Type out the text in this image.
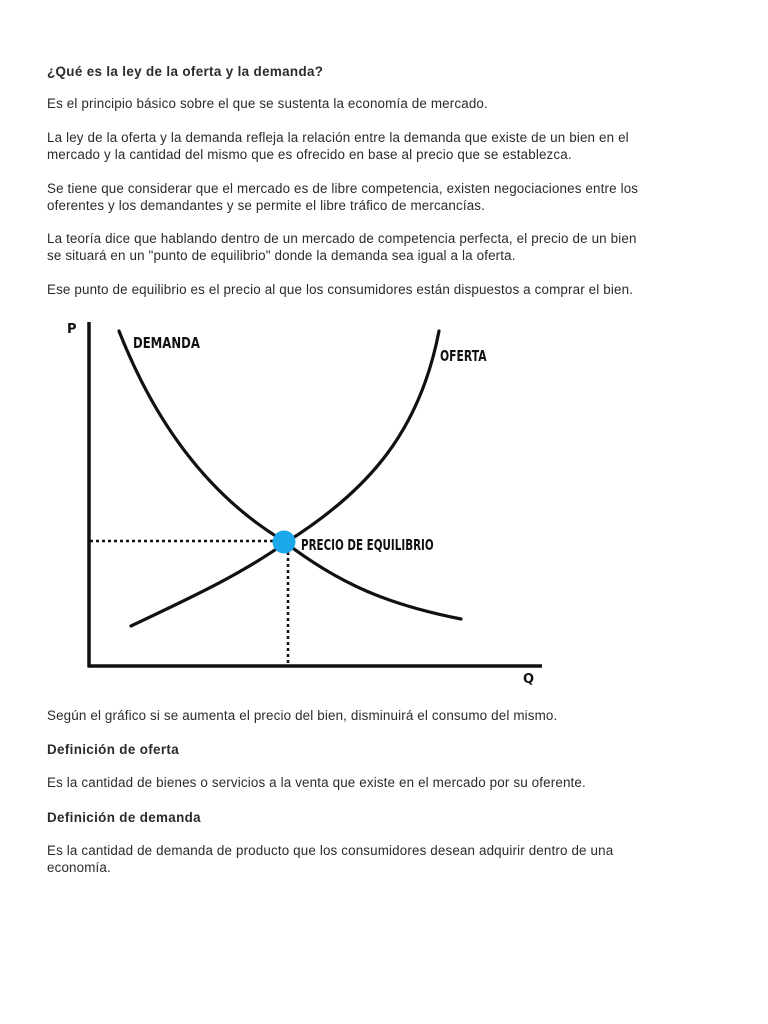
¿Qué es la ley de la oferta y la demanda?

Es el principio básico sobre el que se sustenta la economía de mercado.

La ley de la oferta y la demanda refleja la relación entre la demanda que existe de un bien en el
mercado y la cantidad del mismo que es ofrecido en base al precio que se establezca.
Se tiene que considerar que el mercado es de libre competencia, existen negociaciones entre los
oferentes y los demandantes y se permite el libre tráfico de mercancías.
La teoría dice que hablando dentro de un mercado de competencia perfecta, el precio de un bien
se situará en un "punto de equilibrio" donde la demanda sea igual a la oferta.

Ese punto de equilibrio es el precio al que los consumidores están dispuestos a comprar el bien.

P
Q
DEMANDA
OFERTA
PRECIO DE EQUILIBRIO

Según el gráfico si se aumenta el precio del bien, disminuirá el consumo del mismo.

Definición de oferta

Es la cantidad de bienes o servicios a la venta que existe en el mercado por su oferente.

Definición de demanda

Es la cantidad de demanda de producto que los consumidores desean adquirir dentro de una
economía.
